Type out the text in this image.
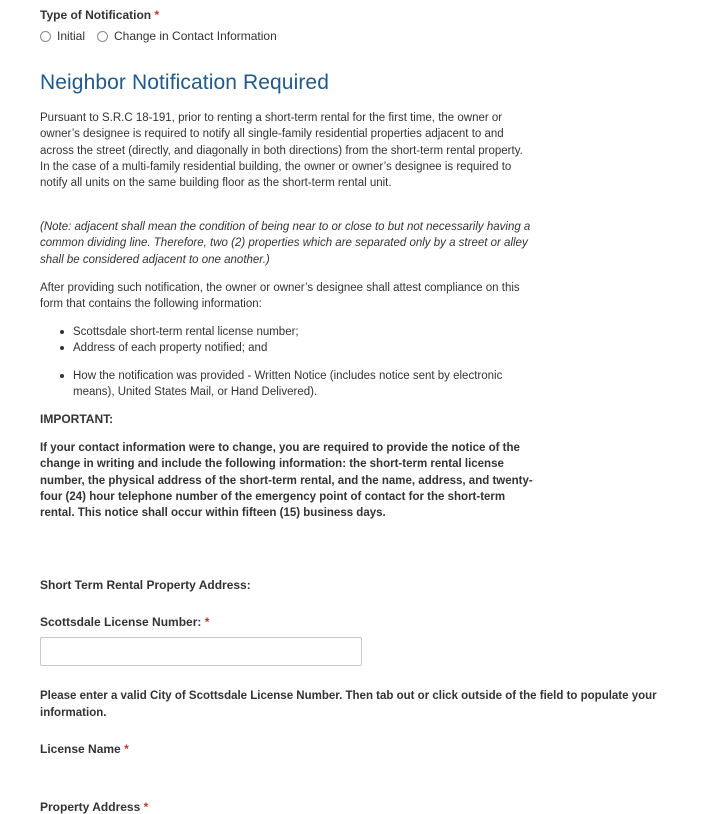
Type of Notification *
Initial Change in Contact Information
Neighbor Notification Required

Pursuant to S.R.C 18-191, prior to renting a short-term rental for the first time, the owner or owner’s designee is required to notify all single-family residential properties adjacent to and across the street (directly, and diagonally in both directions) from the short-term rental property. In the case of a multi-family residential building, the owner or owner’s designee is required to notify all units on the same building floor as the short-term rental unit.

(Note: adjacent shall mean the condition of being near to or close to but not necessarily having a common dividing line. Therefore, two (2) properties which are separated only by a street or alley shall be considered adjacent to one another.)

After providing such notification, the owner or owner’s designee shall attest compliance on this form that contains the following information:

Scottsdale short-term rental license number;
Address of each property notified; and
How the notification was provided - Written Notice (includes notice sent by electronic means), United States Mail, or Hand Delivered).
IMPORTANT:

If your contact information were to change, you are required to provide the notice of the change in writing and include the following information: the short-term rental license number, the physical address of the short-term rental, and the name, address, and twenty-four (24) hour telephone number of the emergency point of contact for the short-term rental. This notice shall occur within fifteen (15) business days.

Short Term Rental Property Address:
Scottsdale License Number: *

Please enter a valid City of Scottsdale License Number. Then tab out or click outside of the field to populate your information.

License Name *
Property Address *
